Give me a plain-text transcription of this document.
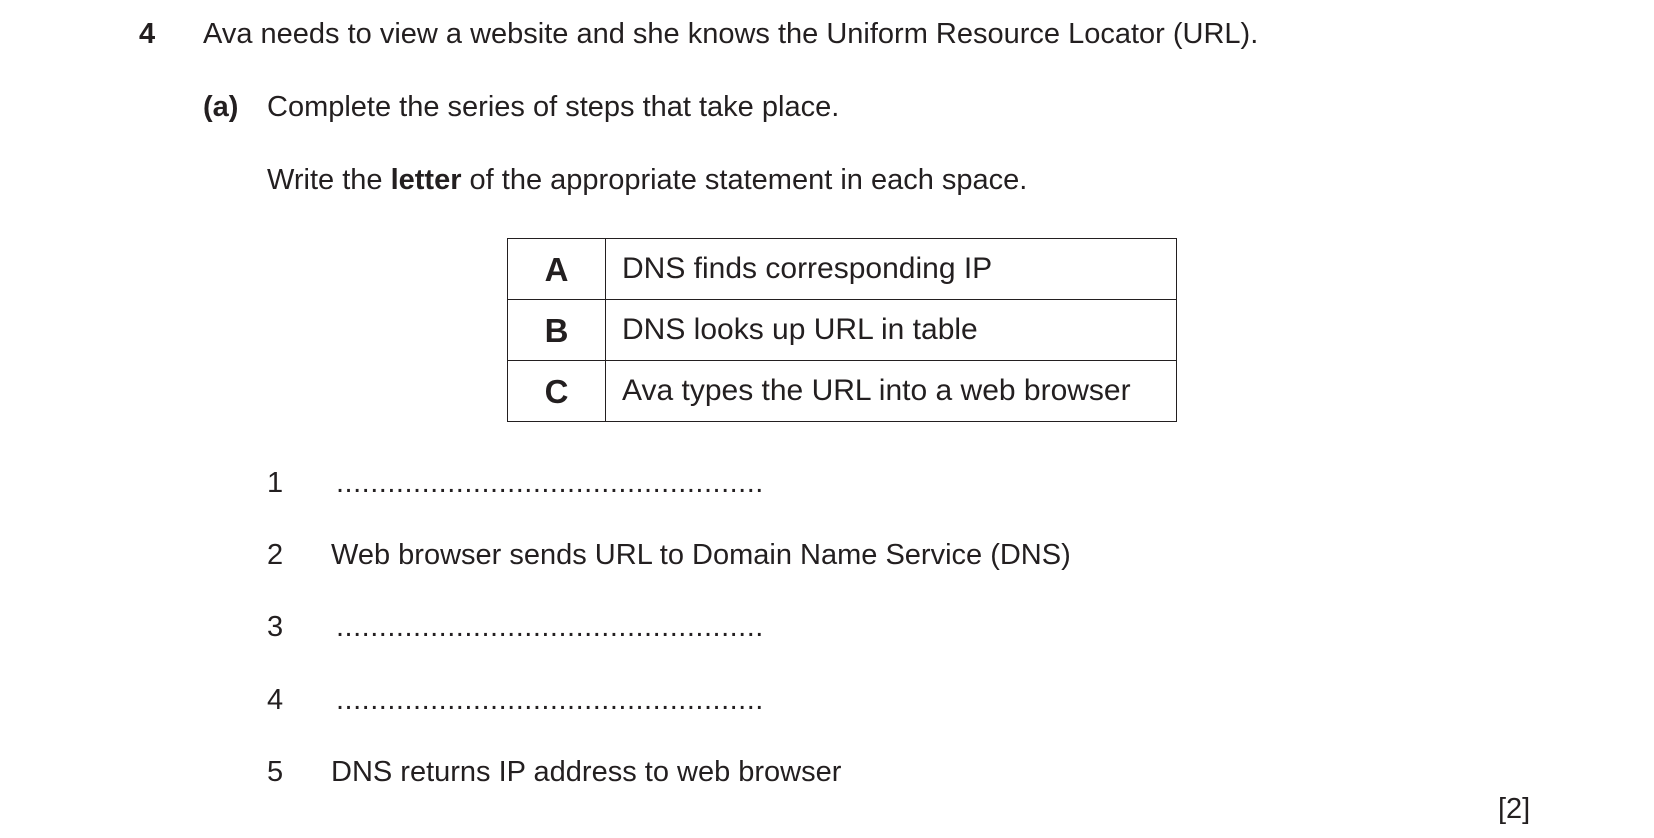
4 Ava needs to view a website and she knows the Uniform Resource Locator (URL).
(a) Complete the series of steps that take place.
Write the letter of the appropriate statement in each space.
A	DNS finds corresponding IP
B	DNS looks up URL in table
C	Ava types the URL into a web browser
1 ..................................................
2 Web browser sends URL to Domain Name Service (DNS)
3 ..................................................
4 ..................................................
5 DNS returns IP address to web browser
[2]
